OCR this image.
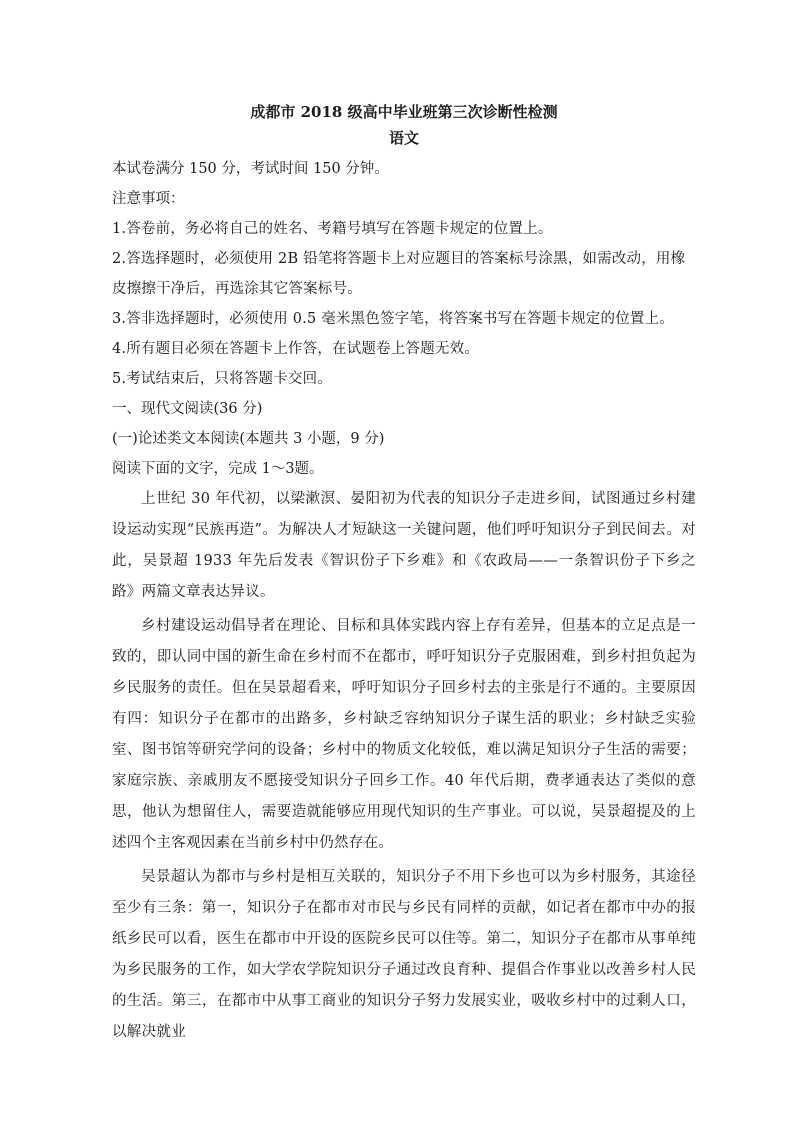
成都市 2018 级高中毕业班第三次诊断性检测
语文

本试卷满分 150 分，考试时间 150 分钟。

注意事项：

1.答卷前，务必将自己的姓名、考籍号填写在答题卡规定的位置上。
2.答选择题时，必须使用 2B 铅笔将答题卡上对应题目的答案标号涂黑，如需改动，用橡皮擦擦干净后，再选涂其它答案标号。
3.答非选择题时，必须使用 0.5 毫米黑色签字笔，将答案书写在答题卡规定的位置上。
4.所有题目必须在答题卡上作答，在试题卷上答题无效。
5.考试结束后，只将答题卡交回。

一、现代文阅读(36 分)

(一)论述类文本阅读(本题共 3 小题，9 分)

阅读下面的文字，完成 1～3题。

上世纪 30 年代初，以梁漱溟、晏阳初为代表的知识分子走进乡间，试图通过乡村建设运动实现“民族再造”。为解决人才短缺这一关键问题，他们呼吁知识分子到民间去。对此，吴景超 1933 年先后发表《智识份子下乡难》和《农政局——一条智识份子下乡之路》两篇文章表达异议。

乡村建设运动倡导者在理论、目标和具体实践内容上存有差异，但基本的立足点是一致的，即认同中国的新生命在乡村而不在都市，呼吁知识分子克服困难，到乡村担负起为乡民服务的责任。但在吴景超看来，呼吁知识分子回乡村去的主张是行不通的。主要原因有四：知识分子在都市的出路多，乡村缺乏容纳知识分子谋生活的职业；乡村缺乏实验室、图书馆等研究学问的设备；乡村中的物质文化较低，难以满足知识分子生活的需要；家庭宗族、亲戚朋友不愿接受知识分子回乡工作。40 年代后期，费孝通表达了类似的意思，他认为想留住人，需要造就能够应用现代知识的生产事业。可以说，吴景超提及的上述四个主客观因素在当前乡村中仍然存在。

吴景超认为都市与乡村是相互关联的，知识分子不用下乡也可以为乡村服务，其途径至少有三条：第一，知识分子在都市对市民与乡民有同样的贡献，如记者在都市中办的报纸乡民可以看，医生在都市中开设的医院乡民可以住等。第二，知识分子在都市从事单纯为乡民服务的工作，如大学农学院知识分子通过改良育种、提倡合作事业以改善乡村人民的生活。第三，在都市中从事工商业的知识分子努力发展实业，吸收乡村中的过剩人口，以解决就业
